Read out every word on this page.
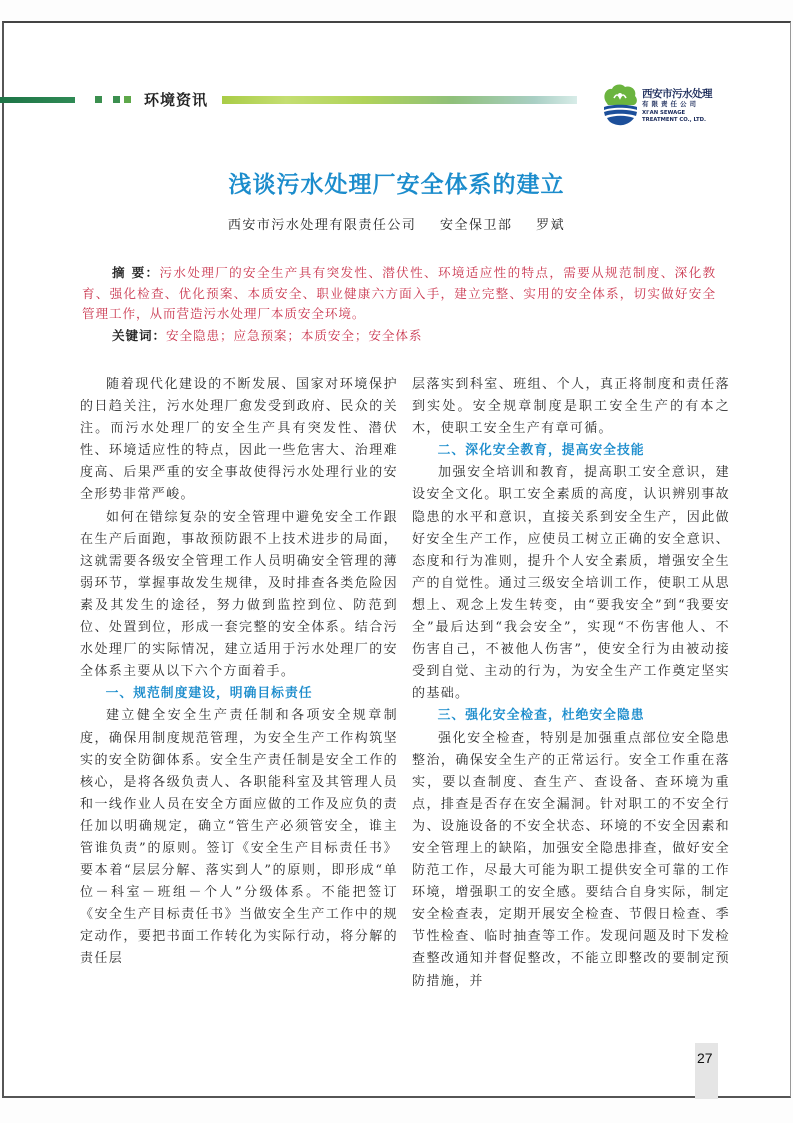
环境资讯	西安市污水处理
有限责任公司
XI'AN SEWAGE
TREATMENT CO., LTD.
浅谈污水处理厂安全体系的建立
西安市污水处理有限责任公司 安全保卫部 罗斌
摘 要：污水处理厂的安全生产具有突发性、潜伏性、环境适应性的特点，需要从规范制度、深化教育、强化检查、优化预案、本质安全、职业健康六方面入手，建立完整、实用的安全体系，切实做好安全管理工作，从而营造污水处理厂本质安全环境。
关键词：安全隐患；应急预案；本质安全；安全体系

随着现代化建设的不断发展、国家对环境保护的日趋关注，污水处理厂愈发受到政府、民众的关注。而污水处理厂的安全生产具有突发性、潜伏性、环境适应性的特点，因此一些危害大、治理难度高、后果严重的安全事故使得污水处理行业的安全形势非常严峻。

如何在错综复杂的安全管理中避免安全工作跟在生产后面跑，事故预防跟不上技术进步的局面，这就需要各级安全管理工作人员明确安全管理的薄弱环节，掌握事故发生规律，及时排查各类危险因素及其发生的途径，努力做到监控到位、防范到位、处置到位，形成一套完整的安全体系。结合污水处理厂的实际情况，建立适用于污水处理厂的安全体系主要从以下六个方面着手。

一、规范制度建设，明确目标责任

建立健全安全生产责任制和各项安全规章制度，确保用制度规范管理，为安全生产工作构筑坚实的安全防御体系。安全生产责任制是安全工作的核心，是将各级负责人、各职能科室及其管理人员和一线作业人员在安全方面应做的工作及应负的责任加以明确规定，确立“管生产必须管安全，谁主管谁负责”的原则。签订《安全生产目标责任书》要本着“层层分解、落实到人”的原则，即形成“单位－科室－班组－个人”分级体系。不能把签订《安全生产目标责任书》当做安全生产工作中的规定动作，要把书面工作转化为实际行动，将分解的责任层

层落实到科室、班组、个人，真正将制度和责任落到实处。安全规章制度是职工安全生产的有本之木，使职工安全生产有章可循。

二、深化安全教育，提高安全技能

加强安全培训和教育，提高职工安全意识，建设安全文化。职工安全素质的高度，认识辨别事故隐患的水平和意识，直接关系到安全生产，因此做好安全生产工作，应使员工树立正确的安全意识、态度和行为准则，提升个人安全素质，增强安全生产的自觉性。通过三级安全培训工作，使职工从思想上、观念上发生转变，由“要我安全”到“我要安全”最后达到“我会安全”，实现“不伤害他人、不伤害自己，不被他人伤害”，使安全行为由被动接受到自觉、主动的行为，为安全生产工作奠定坚实的基础。

三、强化安全检查，杜绝安全隐患

强化安全检查，特别是加强重点部位安全隐患整治，确保安全生产的正常运行。安全工作重在落实，要以查制度、查生产、查设备、查环境为重点，排查是否存在安全漏洞。针对职工的不安全行为、设施设备的不安全状态、环境的不安全因素和安全管理上的缺陷，加强安全隐患排查，做好安全防范工作，尽最大可能为职工提供安全可靠的工作环境，增强职工的安全感。要结合自身实际，制定安全检查表，定期开展安全检查、节假日检查、季节性检查、临时抽查等工作。发现问题及时下发检查整改通知并督促整改，不能立即整改的要制定预防措施，并

27
